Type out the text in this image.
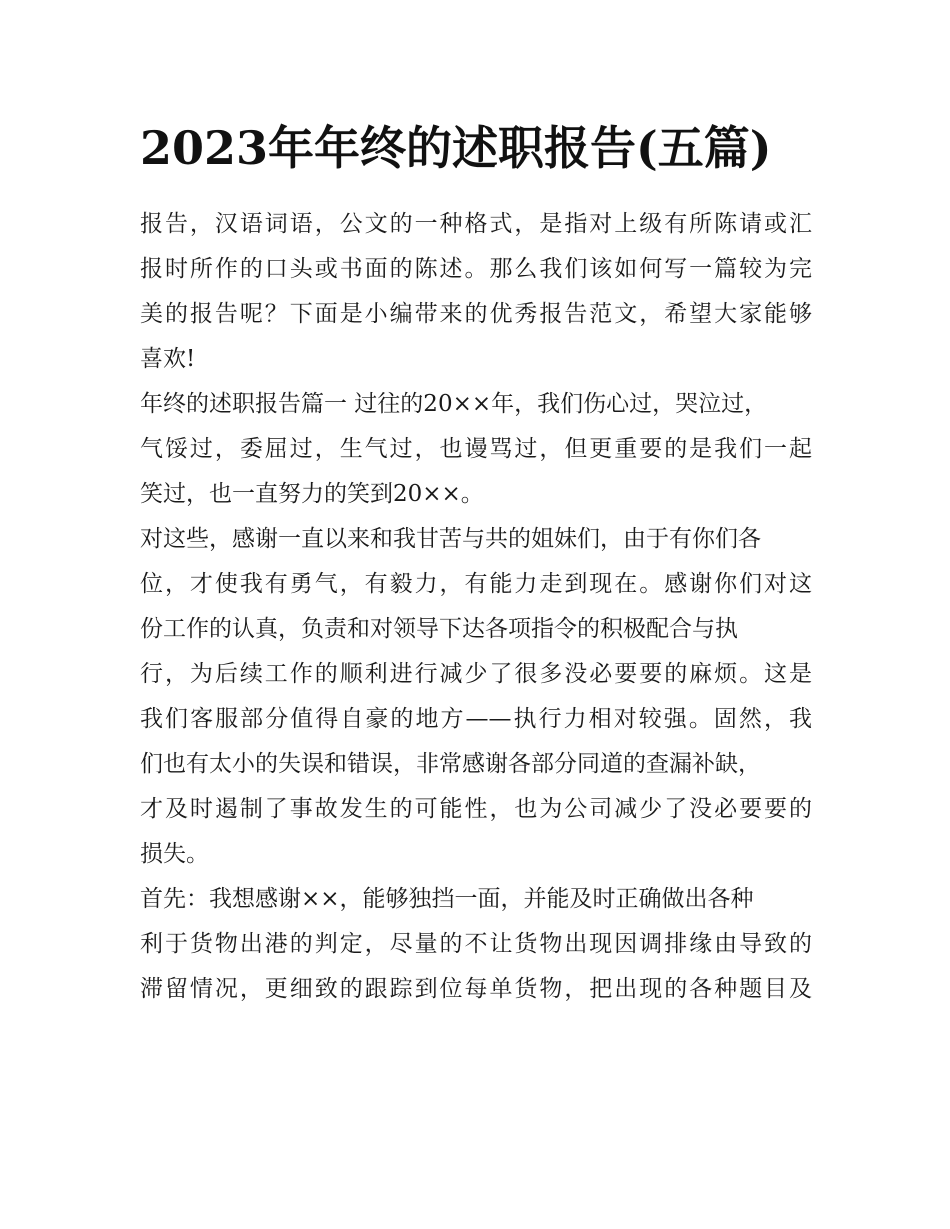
2023年年终的述职报告(五篇)
报告，汉语词语，公文的一种格式，是指对上级有所陈请或汇
报时所作的口头或书面的陈述。那么我们该如何写一篇较为完
美的报告呢？下面是小编带来的优秀报告范文，希望大家能够
喜欢!
年终的述职报告篇一 过往的20××年，我们伤心过，哭泣过，
气馁过，委屈过，生气过，也谩骂过，但更重要的是我们一起
笑过，也一直努力的笑到20××。
对这些，感谢一直以来和我甘苦与共的姐妹们，由于有你们各
位，才使我有勇气，有毅力，有能力走到现在。感谢你们对这
份工作的认真，负责和对领导下达各项指令的积极配合与执
行，为后续工作的顺利进行减少了很多没必要要的麻烦。这是
我们客服部分值得自豪的地方——执行力相对较强。固然，我
们也有太小的失误和错误，非常感谢各部分同道的查漏补缺，
才及时遏制了事故发生的可能性，也为公司减少了没必要要的
损失。
首先：我想感谢××，能够独挡一面，并能及时正确做出各种
利于货物出港的判定，尽量的不让货物出现因调排缘由导致的
滞留情况，更细致的跟踪到位每单货物，把出现的各种题目及
